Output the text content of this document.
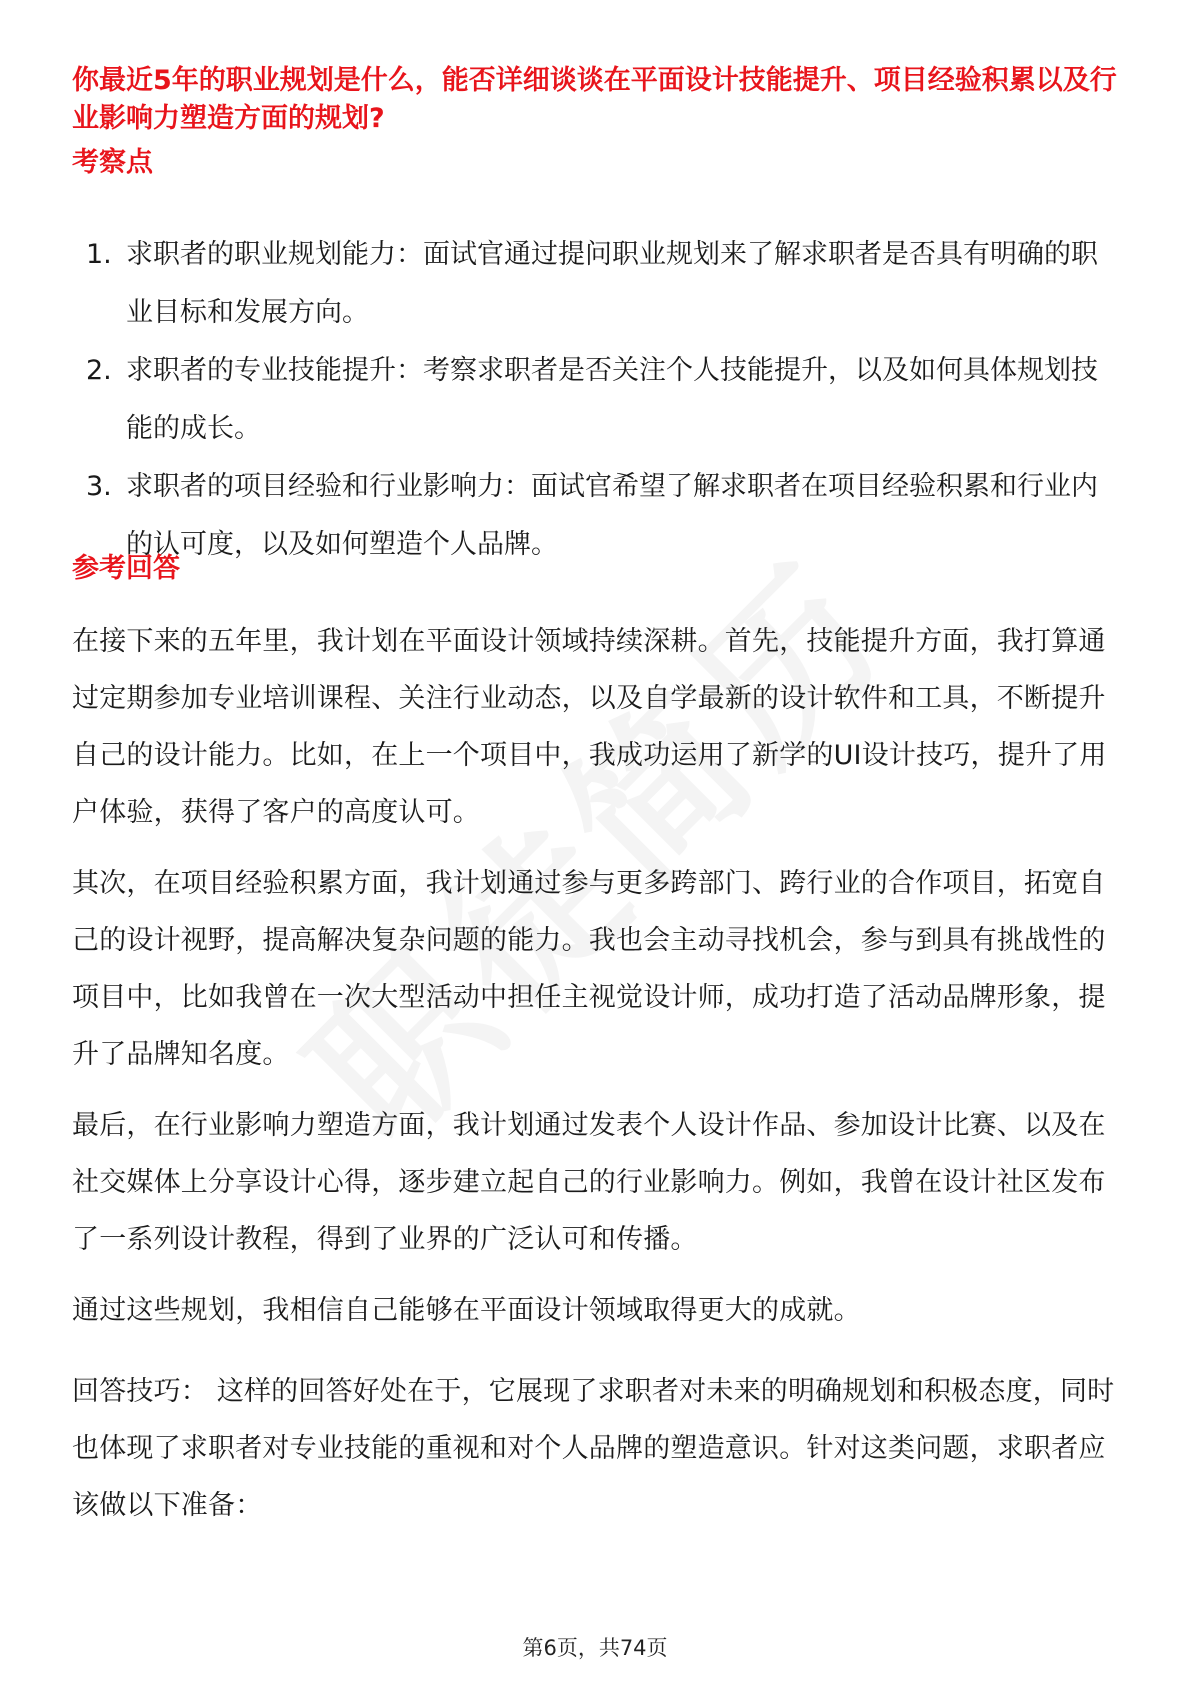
你最近5年的职业规划是什么，能否详细谈谈在平面设计技能提升、项目经验积累以及行业影响力塑造方面的规划?

考察点

1. 求职者的职业规划能力：面试官通过提问职业规划来了解求职者是否具有明确的职业目标和发展方向。
2. 求职者的专业技能提升：考察求职者是否关注个人技能提升，以及如何具体规划技能的成长。
3. 求职者的项目经验和行业影响力：面试官希望了解求职者在项目经验积累和行业内的认可度，以及如何塑造个人品牌。

参考回答

在接下来的五年里，我计划在平面设计领域持续深耕。首先，技能提升方面，我打算通过定期参加专业培训课程、关注行业动态，以及自学最新的设计软件和工具，不断提升自己的设计能力。比如，在上一个项目中，我成功运用了新学的UI设计技巧，提升了用户体验，获得了客户的高度认可。

其次，在项目经验积累方面，我计划通过参与更多跨部门、跨行业的合作项目，拓宽自己的设计视野，提高解决复杂问题的能力。我也会主动寻找机会，参与到具有挑战性的项目中，比如我曾在一次大型活动中担任主视觉设计师，成功打造了活动品牌形象，提升了品牌知名度。

最后，在行业影响力塑造方面，我计划通过发表个人设计作品、参加设计比赛、以及在社交媒体上分享设计心得，逐步建立起自己的行业影响力。例如，我曾在设计社区发布了一系列设计教程，得到了业界的广泛认可和传播。

通过这些规划，我相信自己能够在平面设计领域取得更大的成就。

回答技巧： 这样的回答好处在于，它展现了求职者对未来的明确规划和积极态度，同时也体现了求职者对专业技能的重视和对个人品牌的塑造意识。针对这类问题，求职者应该做以下准备：

第6页，共74页
